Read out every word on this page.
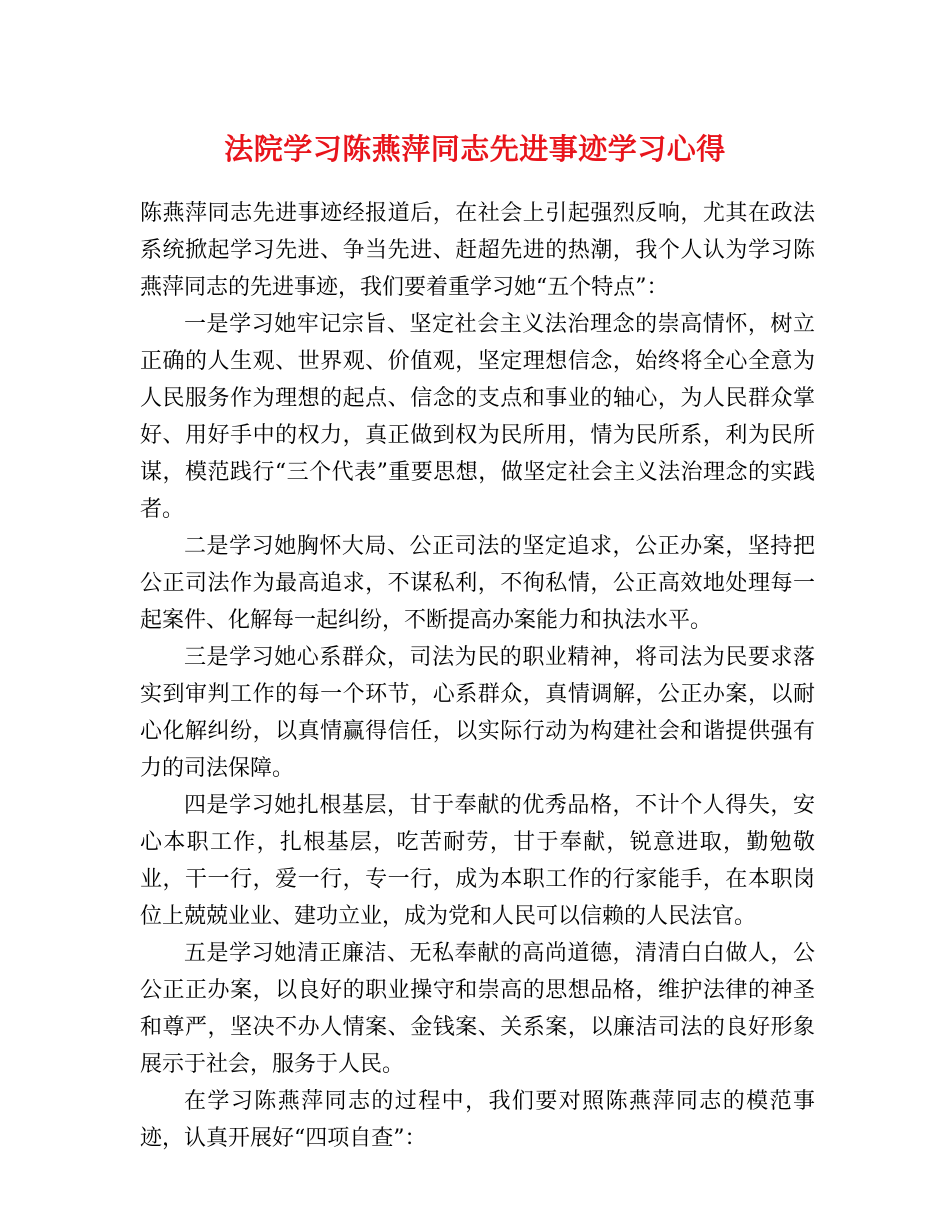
法院学习陈燕萍同志先进事迹学习心得

陈燕萍同志先进事迹经报道后，在社会上引起强烈反响，尤其在政法系统掀起学习先进、争当先进、赶超先进的热潮，我个人认为学习陈燕萍同志的先进事迹，我们要着重学习她“五个特点”：

一是学习她牢记宗旨、坚定社会主义法治理念的崇高情怀，树立正确的人生观、世界观、价值观，坚定理想信念，始终将全心全意为人民服务作为理想的起点、信念的支点和事业的轴心，为人民群众掌好、用好手中的权力，真正做到权为民所用，情为民所系，利为民所谋，模范践行“三个代表”重要思想，做坚定社会主义法治理念的实践者。

二是学习她胸怀大局、公正司法的坚定追求，公正办案，坚持把公正司法作为最高追求，不谋私利，不徇私情，公正高效地处理每一起案件、化解每一起纠纷，不断提高办案能力和执法水平。

三是学习她心系群众，司法为民的职业精神，将司法为民要求落实到审判工作的每一个环节，心系群众，真情调解，公正办案，以耐心化解纠纷，以真情赢得信任，以实际行动为构建社会和谐提供强有力的司法保障。

四是学习她扎根基层，甘于奉献的优秀品格，不计个人得失，安心本职工作，扎根基层，吃苦耐劳，甘于奉献，锐意进取，勤勉敬业，干一行，爱一行，专一行，成为本职工作的行家能手，在本职岗位上兢兢业业、建功立业，成为党和人民可以信赖的人民法官。

五是学习她清正廉洁、无私奉献的高尚道德，清清白白做人，公公正正办案，以良好的职业操守和崇高的思想品格，维护法律的神圣和尊严，坚决不办人情案、金钱案、关系案，以廉洁司法的良好形象展示于社会，服务于人民。

在学习陈燕萍同志的过程中，我们要对照陈燕萍同志的模范事迹，认真开展好“四项自查”：
